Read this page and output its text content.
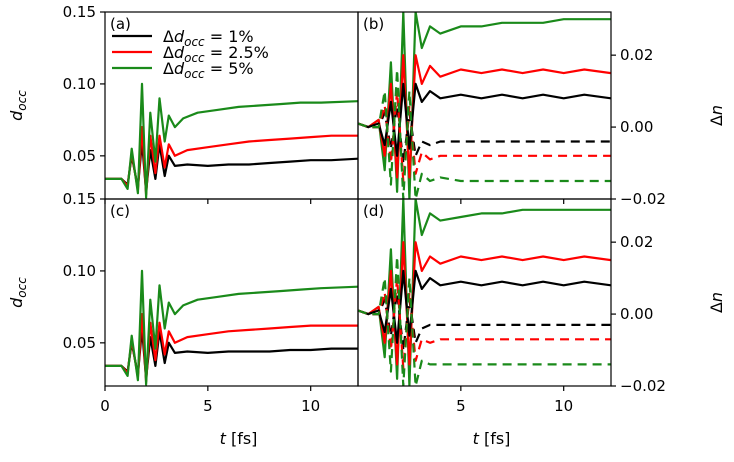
0.05
0.10
0.15
(a)
$d_{occ}$
$\Delta d_{occ} = 1\%$
$\Delta d_{occ} = 2.5\%$
$\Delta d_{occ} = 5\%$
0.02
0.00
−0.02
(b)
Δn
0.05
0.10
0.15
0	5	10
t [fs]
(c)
$d_{occ}$
0.02
0.00
−0.02
5	10
t [fs]
(d)
Δn
